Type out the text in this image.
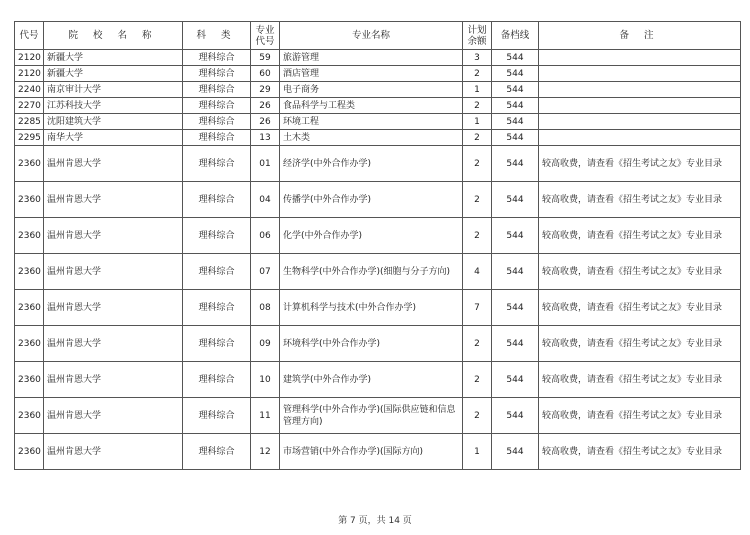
代号	院 校 名 称	科 类	专业代号	专业名称	计划余额	备档线	备 注
2120	新疆大学	理科综合	59	旅游管理	3	544	
2120	新疆大学	理科综合	60	酒店管理	2	544	
2240	南京审计大学	理科综合	29	电子商务	1	544	
2270	江苏科技大学	理科综合	26	食品科学与工程类	2	544	
2285	沈阳建筑大学	理科综合	26	环境工程	1	544	
2295	南华大学	理科综合	13	土木类	2	544	
2360	温州肯恩大学	理科综合	01	经济学(中外合作办学)	2	544	较高收费，请查看《招生考试之友》专业目录
2360	温州肯恩大学	理科综合	04	传播学(中外合作办学)	2	544	较高收费，请查看《招生考试之友》专业目录
2360	温州肯恩大学	理科综合	06	化学(中外合作办学)	2	544	较高收费，请查看《招生考试之友》专业目录
2360	温州肯恩大学	理科综合	07	生物科学(中外合作办学)(细胞与分子方向)	4	544	较高收费，请查看《招生考试之友》专业目录
2360	温州肯恩大学	理科综合	08	计算机科学与技术(中外合作办学)	7	544	较高收费，请查看《招生考试之友》专业目录
2360	温州肯恩大学	理科综合	09	环境科学(中外合作办学)	2	544	较高收费，请查看《招生考试之友》专业目录
2360	温州肯恩大学	理科综合	10	建筑学(中外合作办学)	2	544	较高收费，请查看《招生考试之友》专业目录
2360	温州肯恩大学	理科综合	11	管理科学(中外合作办学)(国际供应链和信息管理方向)	2	544	较高收费，请查看《招生考试之友》专业目录
2360	温州肯恩大学	理科综合	12	市场营销(中外合作办学)(国际方向)	1	544	较高收费，请查看《招生考试之友》专业目录
第 7 页，共 14 页
